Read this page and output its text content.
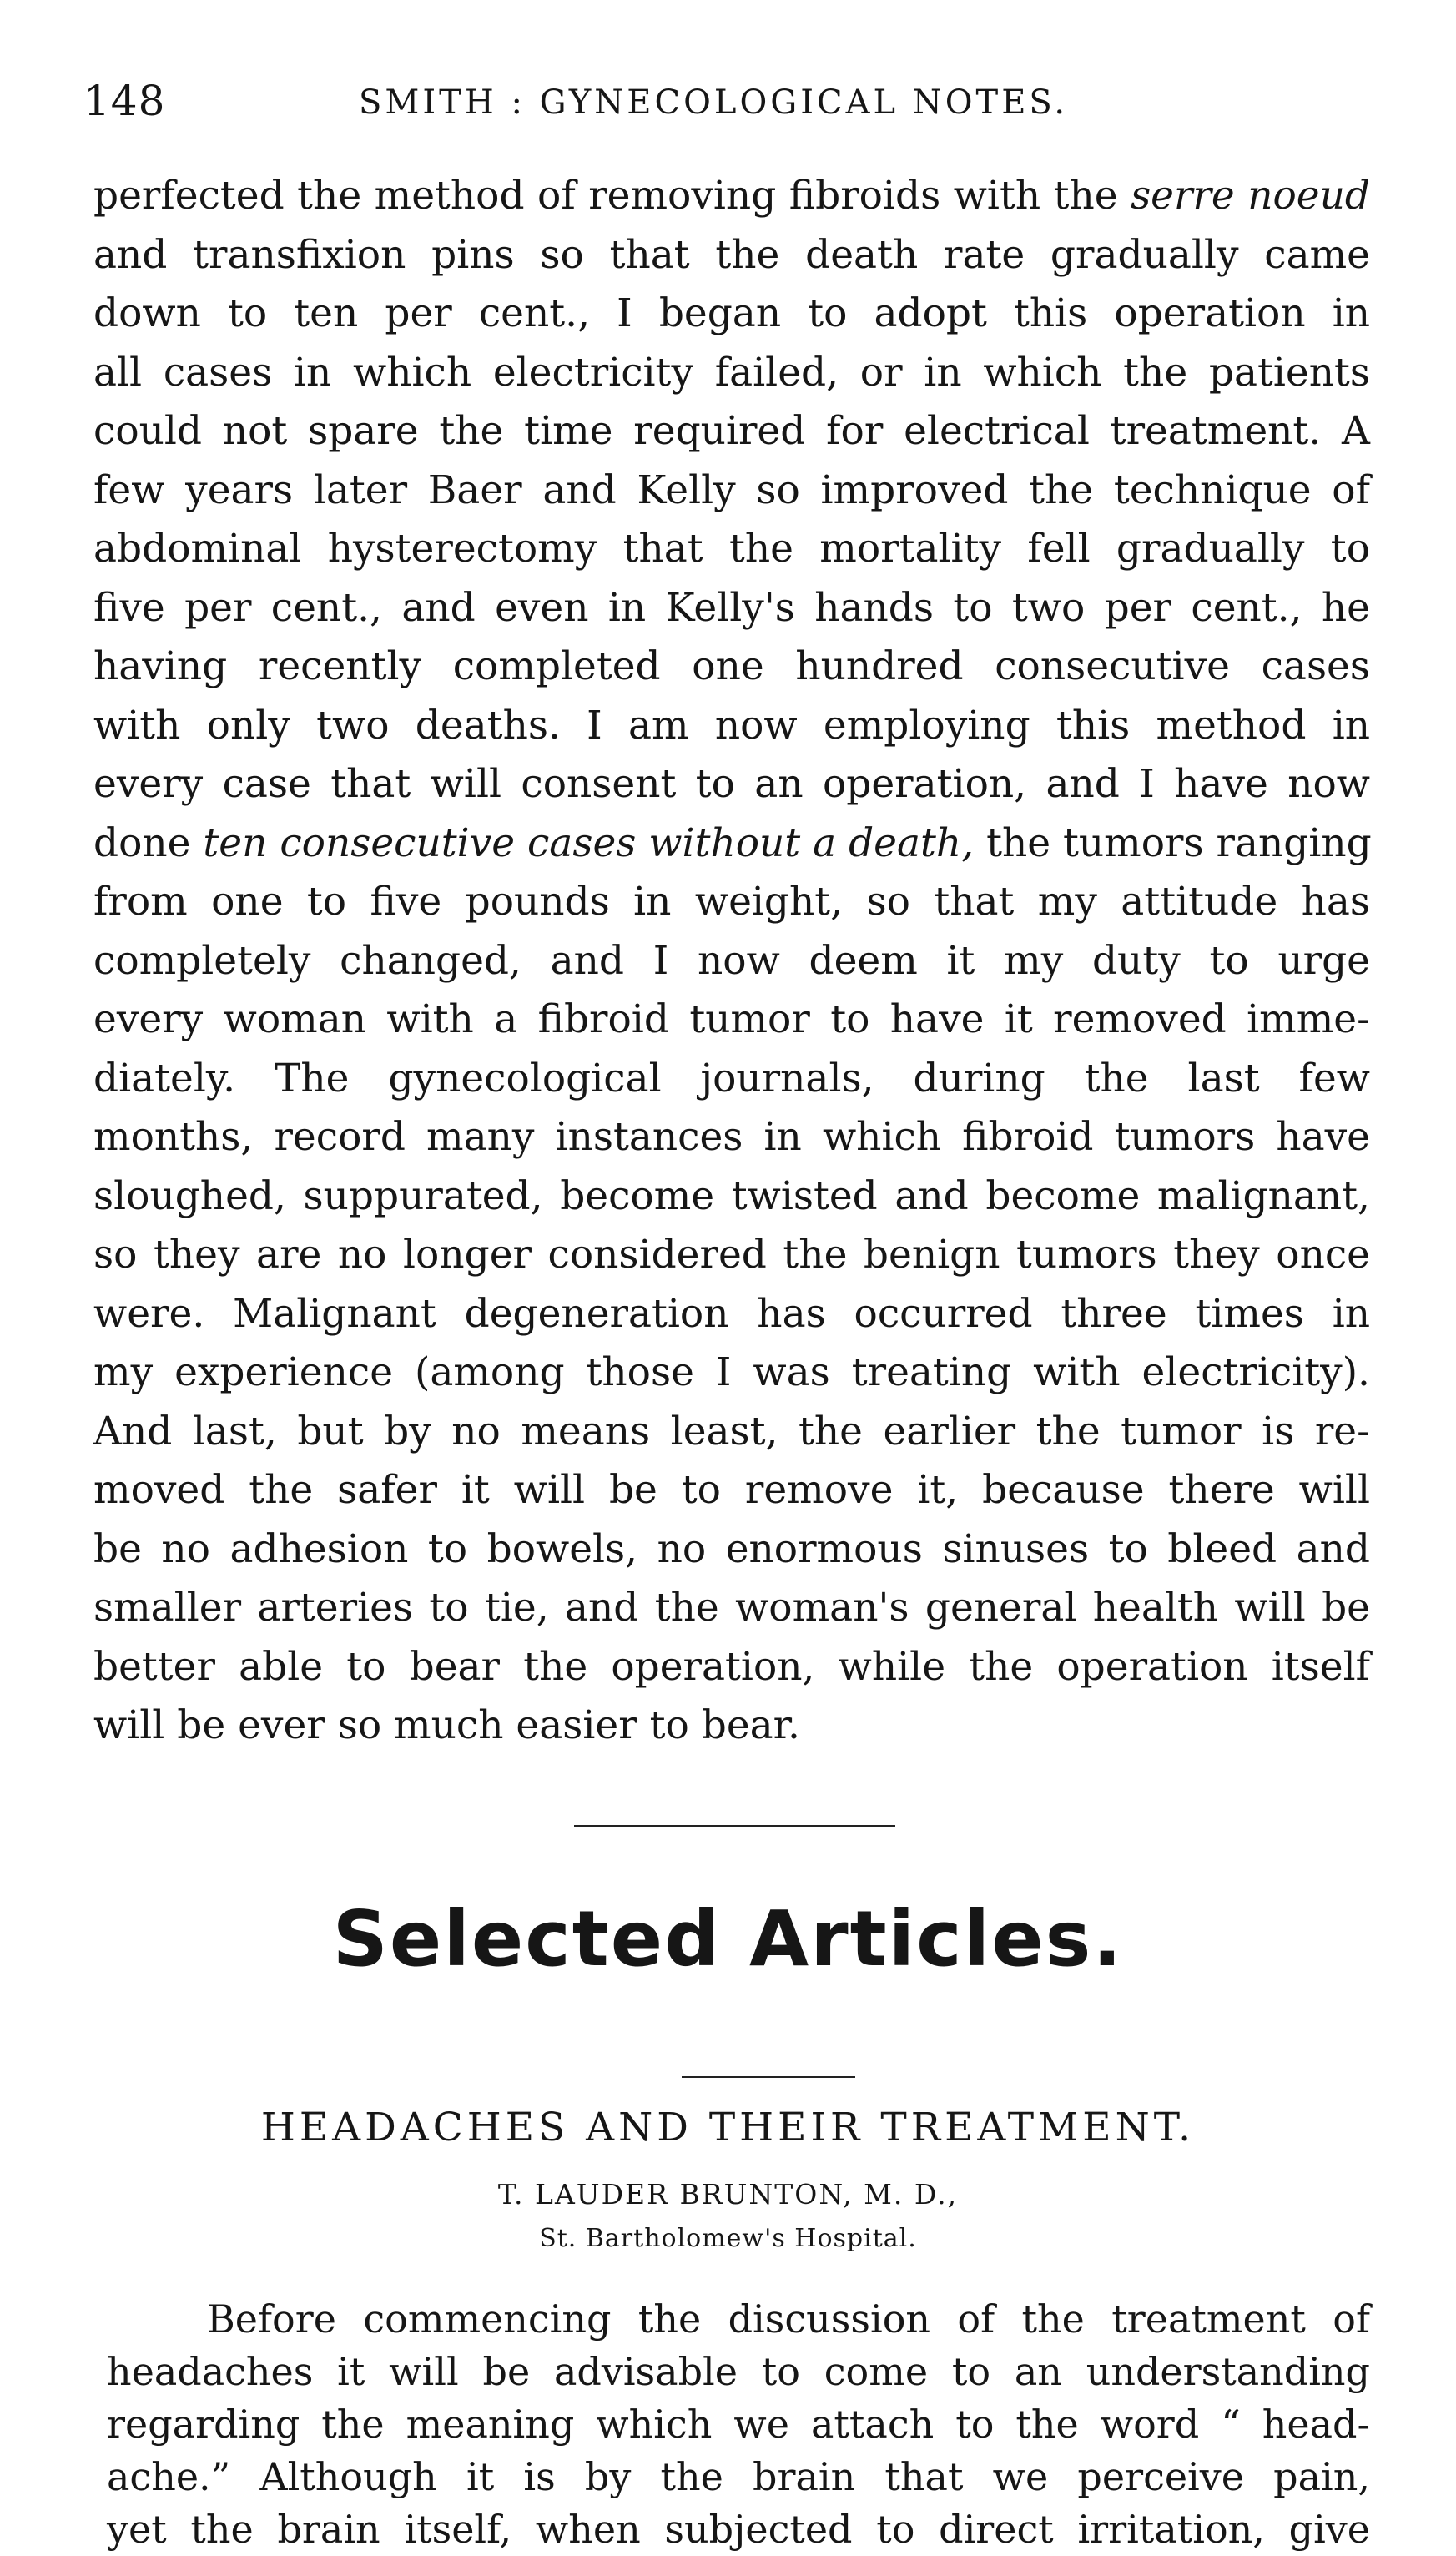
148	SMITH : GYNECOLOGICAL NOTES.
perfected the method of removing fibroids with the serre noeud
and transfixion pins so that the death rate gradually came
down to ten per cent., I began to adopt this operation in
all cases in which electricity failed, or in which the patients
could not spare the time required for electrical treatment. A
few years later Baer and Kelly so improved the technique of
abdominal hysterectomy that the mortality fell gradually to
five per cent., and even in Kelly's hands to two per cent., he
having recently completed one hundred consecutive cases
with only two deaths. I am now employing this method in
every case that will consent to an operation, and I have now
done ten consecutive cases without a death, the tumors ranging
from one to five pounds in weight, so that my attitude has
completely changed, and I now deem it my duty to urge
every woman with a fibroid tumor to have it removed imme-
diately. The gynecological journals, during the last few
months, record many instances in which fibroid tumors have
sloughed, suppurated, become twisted and become malignant,
so they are no longer considered the benign tumors they once
were. Malignant degeneration has occurred three times in
my experience (among those I was treating with electricity).
And last, but by no means least, the earlier the tumor is re-
moved the safer it will be to remove it, because there will
be no adhesion to bowels, no enormous sinuses to bleed and
smaller arteries to tie, and the woman's general health will be
better able to bear the operation, while the operation itself
will be ever so much easier to bear.
Selected Articles.
HEADACHES AND THEIR TREATMENT.
T. LAUDER BRUNTON, M. D.,
St. Bartholomew's Hospital.
Before commencing the discussion of the treatment of
headaches it will be advisable to come to an understanding
regarding the meaning which we attach to the word “ head-
ache.” Although it is by the brain that we perceive pain,
yet the brain itself, when subjected to direct irritation, give
